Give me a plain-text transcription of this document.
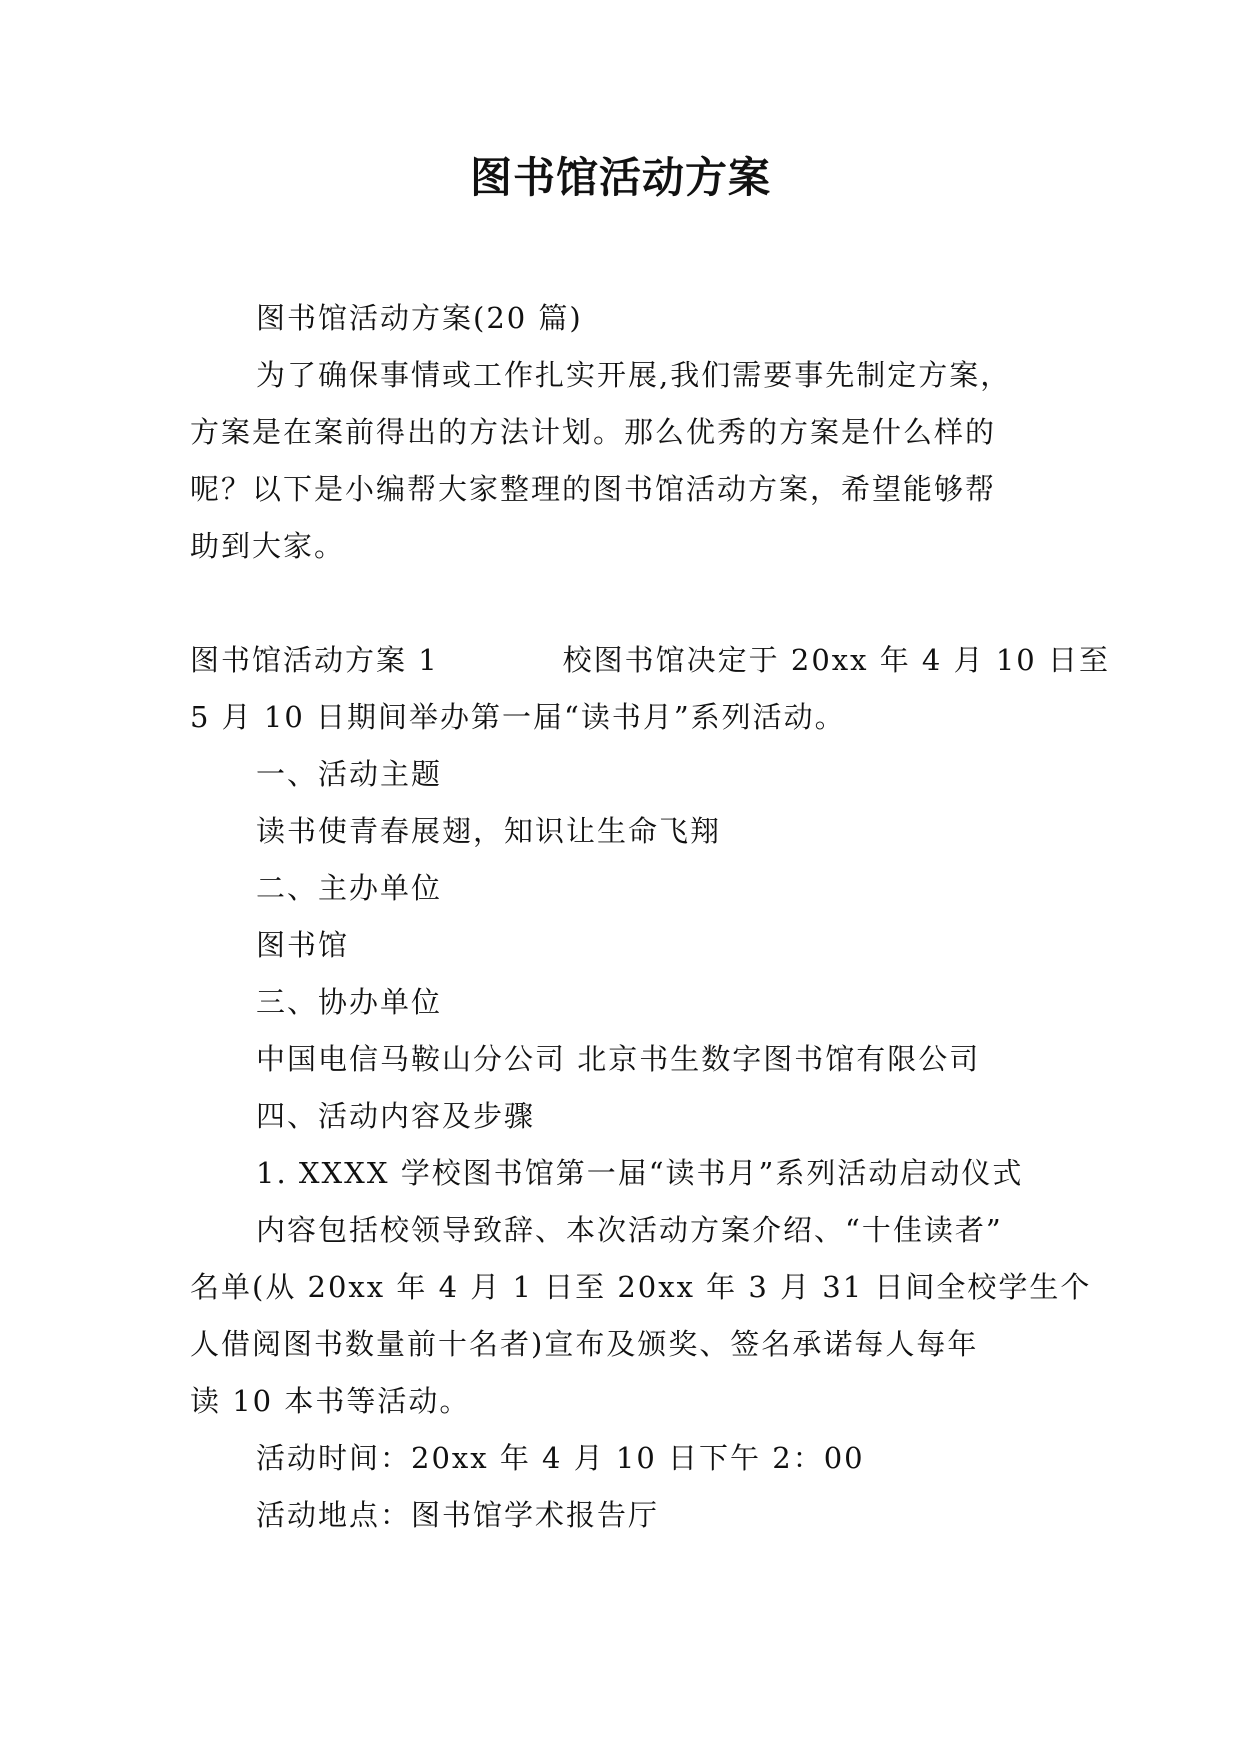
图书馆活动方案
图书馆活动方案(20 篇)
为了确保事情或工作扎实开展,我们需要事先制定方案，
方案是在案前得出的方法计划。那么优秀的方案是什么样的
呢？以下是小编帮大家整理的图书馆活动方案，希望能够帮
助到大家。
图书馆活动方案 1　　　　校图书馆决定于 20xx 年 4 月 10 日至
5 月 10 日期间举办第一届“读书月”系列活动。
一、活动主题
读书使青春展翅，知识让生命飞翔
二、主办单位
图书馆
三、协办单位
中国电信马鞍山分公司 北京书生数字图书馆有限公司
四、活动内容及步骤
1. XXXX 学校图书馆第一届“读书月”系列活动启动仪式
内容包括校领导致辞、本次活动方案介绍、“十佳读者”
名单(从 20xx 年 4 月 1 日至 20xx 年 3 月 31 日间全校学生个
人借阅图书数量前十名者)宣布及颁奖、签名承诺每人每年
读 10 本书等活动。
活动时间：20xx 年 4 月 10 日下午 2：00
活动地点：图书馆学术报告厅
